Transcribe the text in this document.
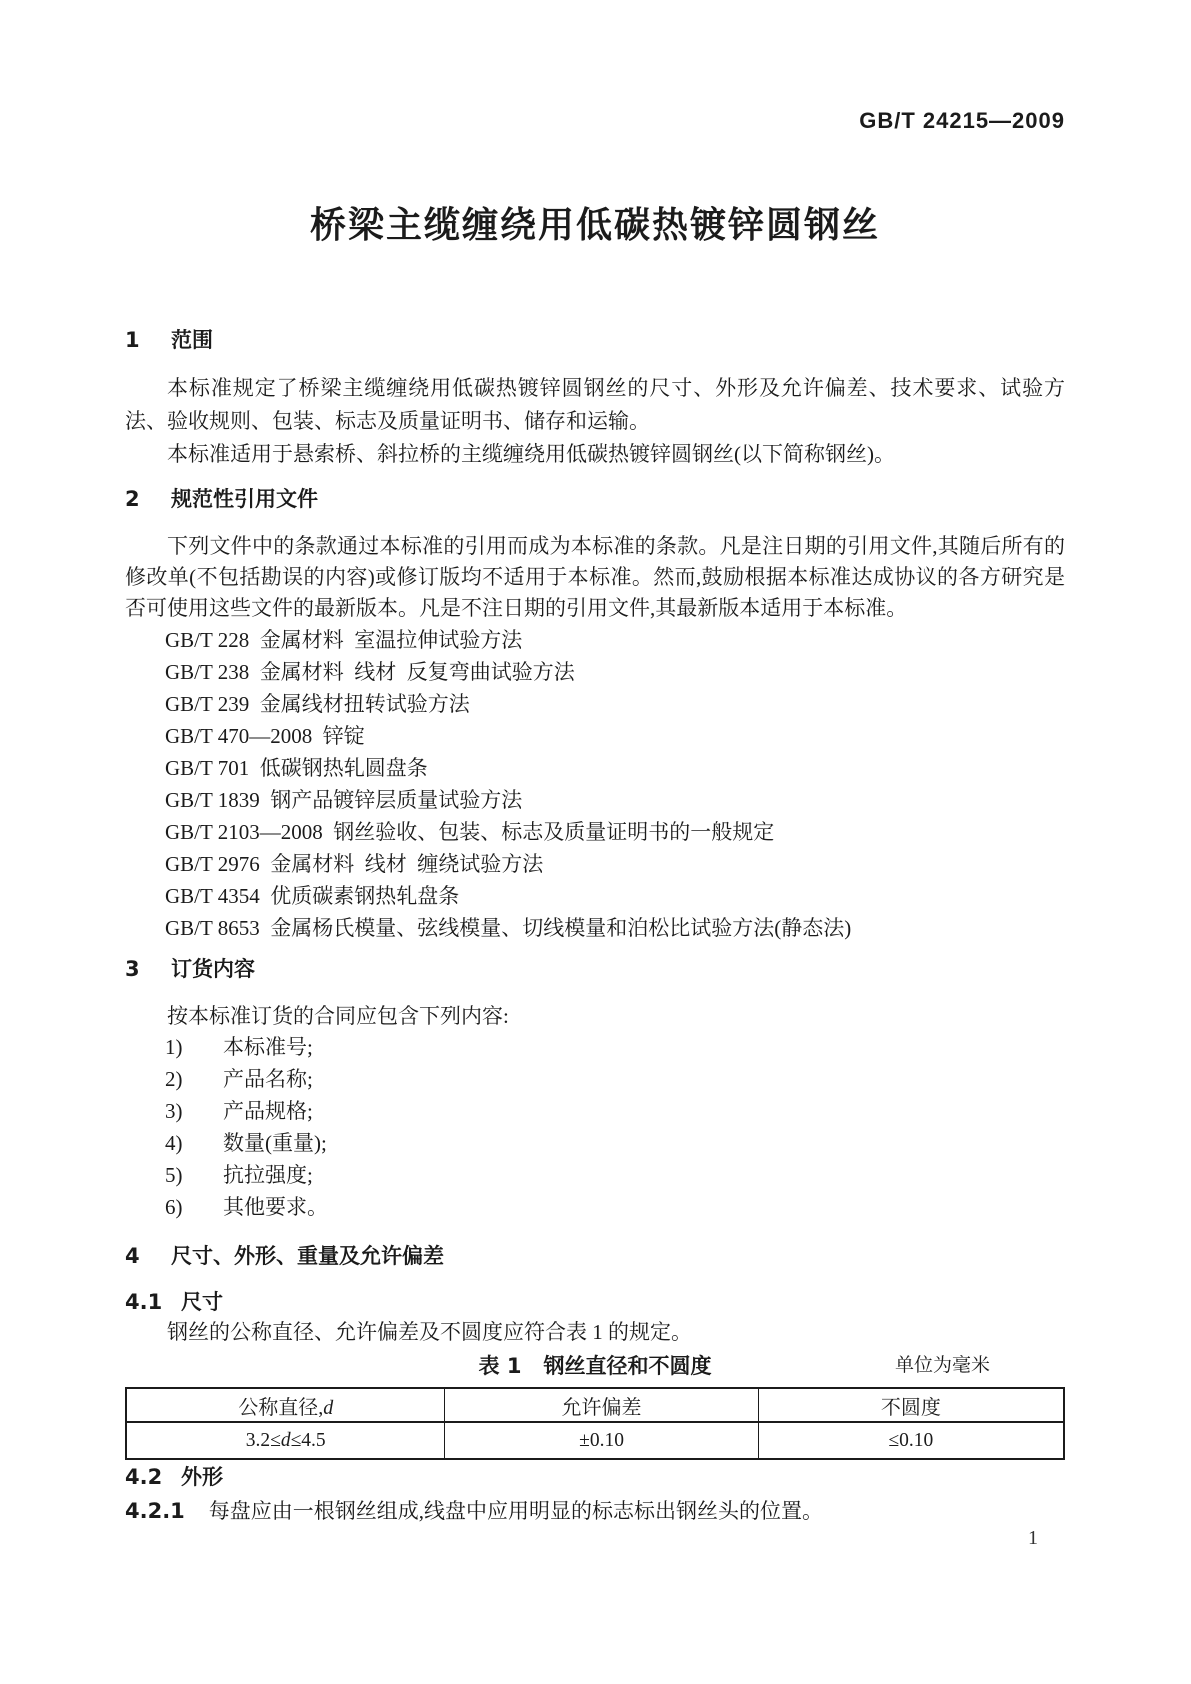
GB/T 24215—2009
桥梁主缆缠绕用低碳热镀锌圆钢丝
1 范围

本标准规定了桥梁主缆缠绕用低碳热镀锌圆钢丝的尺寸、外形及允许偏差、技术要求、试验方法、验收规则、包装、标志及质量证明书、储存和运输。

本标准适用于悬索桥、斜拉桥的主缆缠绕用低碳热镀锌圆钢丝(以下简称钢丝)。

2 规范性引用文件

下列文件中的条款通过本标准的引用而成为本标准的条款。凡是注日期的引用文件,其随后所有的修改单(不包括勘误的内容)或修订版均不适用于本标准。然而,鼓励根据本标准达成协议的各方研究是否可使用这些文件的最新版本。凡是不注日期的引用文件,其最新版本适用于本标准。

GB/T 228  金属材料  室温拉伸试验方法
GB/T 238  金属材料  线材  反复弯曲试验方法
GB/T 239  金属线材扭转试验方法
GB/T 470—2008  锌锭
GB/T 701  低碳钢热轧圆盘条
GB/T 1839  钢产品镀锌层质量试验方法
GB/T 2103—2008  钢丝验收、包装、标志及质量证明书的一般规定
GB/T 2976  金属材料  线材  缠绕试验方法
GB/T 4354  优质碳素钢热轧盘条
GB/T 8653  金属杨氏模量、弦线模量、切线模量和泊松比试验方法(静态法)
3 订货内容

按本标准订货的合同应包含下列内容:

1) 本标准号;
2) 产品名称;
3) 产品规格;
4) 数量(重量);
5) 抗拉强度;
6) 其他要求。
4 尺寸、外形、重量及允许偏差
4.1 尺寸

钢丝的公称直径、允许偏差及不圆度应符合表 1 的规定。

表 1 钢丝直径和不圆度	单位为毫米
公称直径,d	允许偏差	不圆度
3.2≤d≤4.5	±0.10	≤0.10
4.2 外形

4.2.1 每盘应由一根钢丝组成,线盘中应用明显的标志标出钢丝头的位置。

1
